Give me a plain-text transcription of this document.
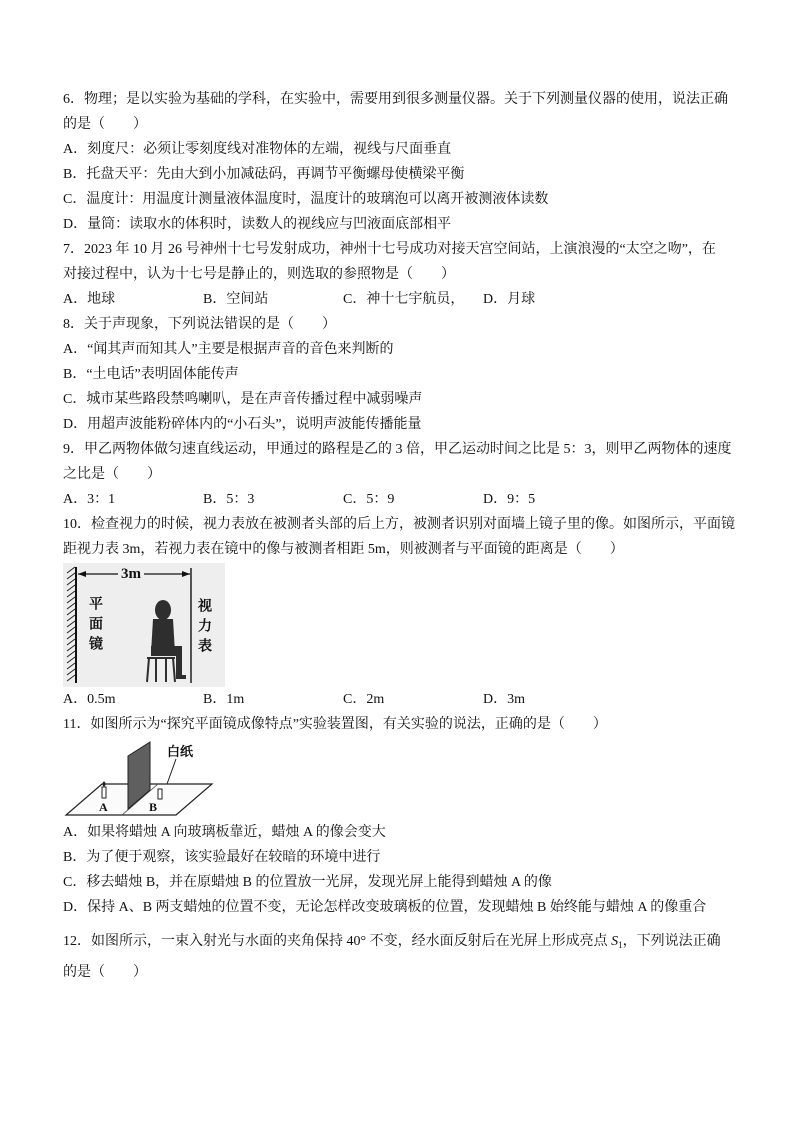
6．物理；是以实验为基础的学科，在实验中，需要用到很多测量仪器。关于下列测量仪器的使用，说法正确
的是（　　）
A．刻度尺：必须让零刻度线对准物体的左端，视线与尺面垂直
B．托盘天平：先由大到小加减砝码，再调节平衡螺母使横梁平衡
C．温度计：用温度计测量液体温度时，温度计的玻璃泡可以离开被测液体读数
D．量筒：读取水的体积时，读数人的视线应与凹液面底部相平
7．2023 年 10 月 26 号神州十七号发射成功，神州十七号成功对接天宫空间站，上演浪漫的“太空之吻”，在
对接过程中，认为十七号是静止的，则选取的参照物是（　　）
A．地球	B．空间站	C．神十七宇航员， D．月球
8．关于声现象，下列说法错误的是（　　）
A．“闻其声而知其人”主要是根据声音的音色来判断的
B．“土电话”表明固体能传声
C．城市某些路段禁鸣喇叭，是在声音传播过程中减弱噪声
D．用超声波能粉碎体内的“小石头”，说明声波能传播能量
9．甲乙两物体做匀速直线运动，甲通过的路程是乙的 3 倍，甲乙运动时间之比是 5：3，则甲乙两物体的速度
之比是（　　）
A．3：1	B．5：3	C．5：9	D．9：5
10．检查视力的时候，视力表放在被测者头部的后上方，被测者识别对面墙上镜子里的像。如图所示，平面镜
距视力表 3m，若视力表在镜中的像与被测者相距 5m，则被测者与平面镜的距离是（　　）
3m
平面镜	视力表
A．0.5m	B．1m	C．2m	D．3m
11．如图所示为“探究平面镜成像特点”实验装置图，有关实验的说法，正确的是（　　）
白纸
A	B
A．如果将蜡烛 A 向玻璃板靠近，蜡烛 A 的像会变大
B．为了便于观察，该实验最好在较暗的环境中进行
C．移去蜡烛 B，并在原蜡烛 B 的位置放一光屏，发现光屏上能得到蜡烛 A 的像
D．保持 A、B 两支蜡烛的位置不变，无论怎样改变玻璃板的位置，发现蜡烛 B 始终能与蜡烛 A 的像重合
12．如图所示，一束入射光与水面的夹角保持 40° 不变，经水面反射后在光屏上形成亮点 $S_1$，下列说法正确
的是（　　）
